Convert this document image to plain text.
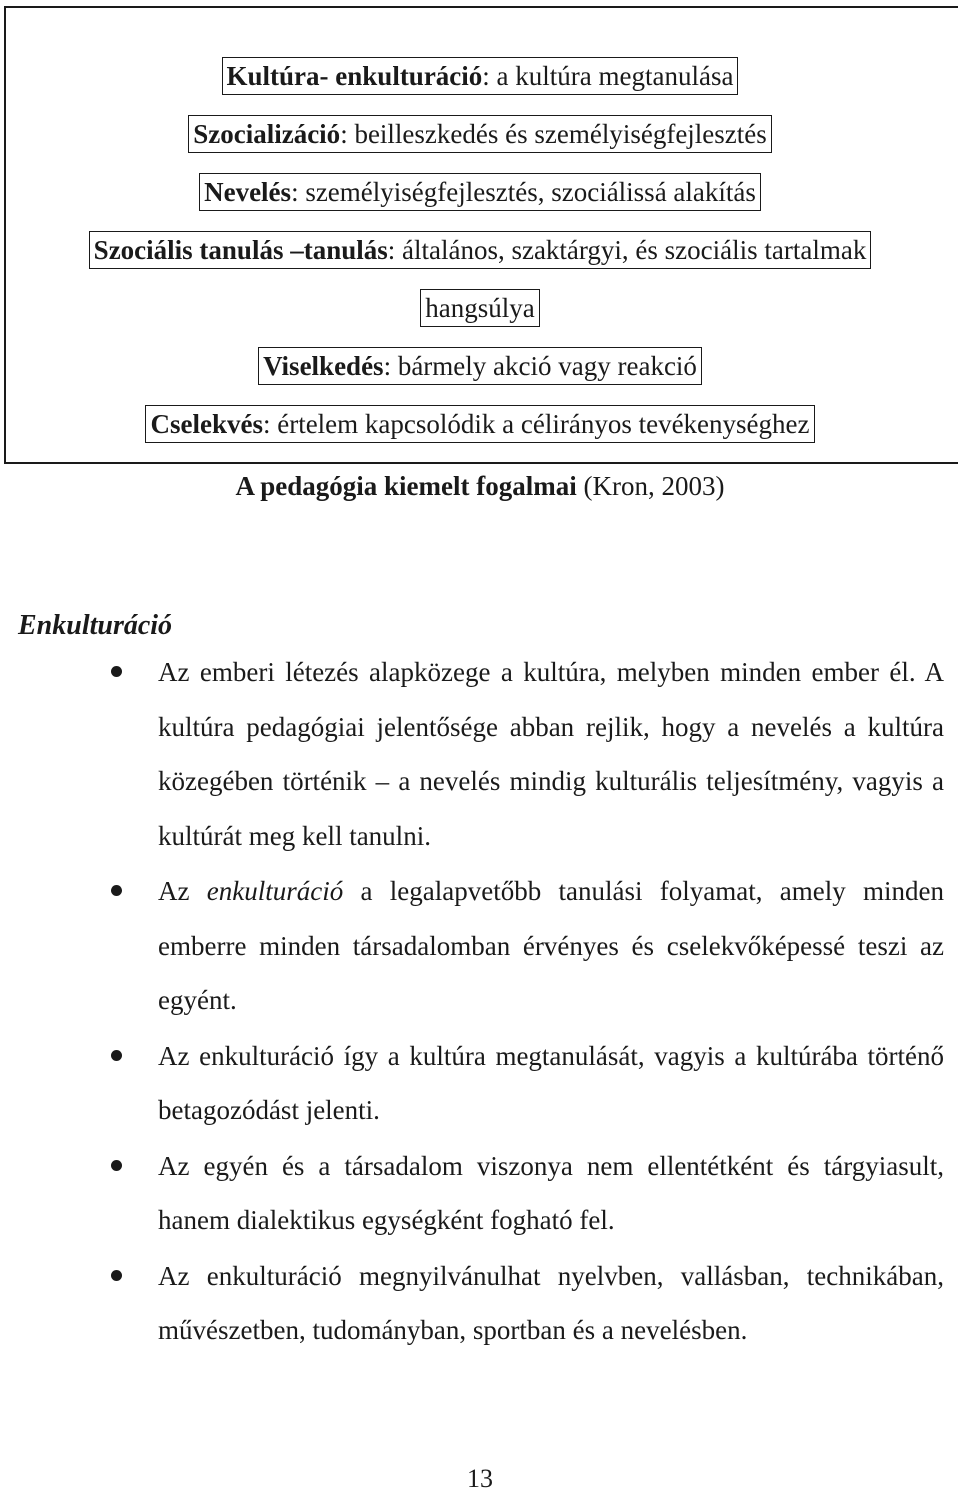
Kultúra- enkulturáció: a kultúra megtanulása
Szocializáció: beilleszkedés és személyiségfejlesztés
Nevelés: személyiségfejlesztés, szociálissá alakítás
Szociális tanulás –tanulás: általános, szaktárgyi, és szociális tartalmak
hangsúlya
Viselkedés: bármely akció vagy reakció
Cselekvés: értelem kapcsolódik a célirányos tevékenységhez
A pedagógia kiemelt fogalmai (Kron, 2003)
Enkulturáció
Az emberi létezés alapközege a kultúra, melyben minden ember él. A kultúra pedagógiai jelentősége abban rejlik, hogy a nevelés a kultúra közegében történik – a nevelés mindig kulturális teljesítmény, vagyis a kultúrát meg kell tanulni.
Az enkulturáció a legalapvetőbb tanulási folyamat, amely minden emberre minden társadalomban érvényes és cselekvőképessé teszi az egyént.
Az enkulturáció így a kultúra megtanulását, vagyis a kultúrába történő betagozódást jelenti.
Az egyén és a társadalom viszonya nem ellentétként és tárgyiasult, hanem dialektikus egységként fogható fel.
Az enkulturáció megnyilvánulhat nyelvben, vallásban, technikában, művészetben, tudományban, sportban és a nevelésben.
13
